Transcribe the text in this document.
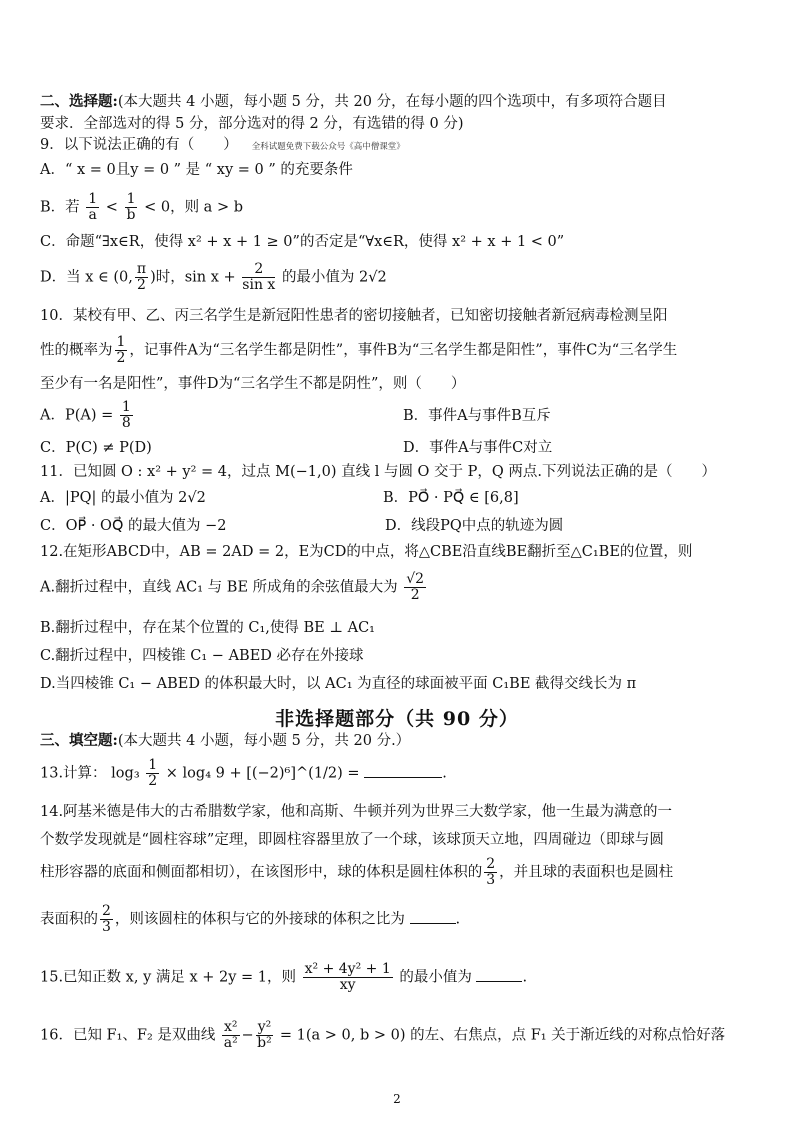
二、选择题:(本大题共 4 小题，每小题 5 分，共 20 分，在每小题的四个选项中，有多项符合题目
要求．全部选对的得 5 分，部分选对的得 2 分，有选错的得 0 分)
9．以下说法正确的有（　　） 全科试题免费下载公众号《高中僧课堂》
A．“ x = 0且y = 0 ” 是 “ xy = 0 ” 的充要条件
B．若 $\frac{1}{a} < \frac{1}{b} < 0$，则 a > b
C．命题“∃x∈R，使得 x² + x + 1 ≥ 0”的否定是“∀x∈R，使得 x² + x + 1 < 0”
D．当 x ∈ (0, $\frac{\pi}{2}$ )时，$\sin x + \frac{2}{\text{sin x}}$ 的最小值为 2√2
10．某校有甲、乙、丙三名学生是新冠阳性患者的密切接触者，已知密切接触者新冠病毒检测呈阳
性的概率为 $\frac{1}{2}$ ，记事件A为“三名学生都是阴性”，事件B为“三名学生都是阳性”，事件C为“三名学生
至少有一名是阳性”，事件D为“三名学生不都是阴性”，则（　　）
A．$P(A) = \frac{1}{8}$	B．事件A与事件B互斥
C．P(C) ≠ P(D)	D．事件A与事件C对立
11．已知圆 O : x² + y² = 4，过点 M(−1,0) 直线 l 与圆 O 交于 P，Q 两点.下列说法正确的是（　　）
A．|PQ| 的最小值为 2√2	B．PO⃗ · PQ⃗ ∈ [6,8]
C．OP⃗ · OQ⃗ 的最大值为 −2	D．线段PQ中点的轨迹为圆
12.在矩形ABCD中，AB = 2AD = 2，E为CD的中点，将△CBE沿直线BE翻折至△C₁BE的位置，则
A.翻折过程中，直线 AC₁ 与 BE 所成角的余弦值最大为 $\frac{√2}{2}$
B.翻折过程中，存在某个位置的 C₁,使得 BE ⊥ AC₁
C.翻折过程中，四棱锥 C₁ − ABED 必存在外接球
D.当四棱锥 C₁ − ABED 的体积最大时，以 AC₁ 为直径的球面被平面 C₁BE 截得交线长为 π
非选择题部分（共 90 分）
三、填空题:(本大题共 4 小题，每小题 5 分，共 20 分.）
13.计算： $\log_3 \frac{1}{2} \times \log_4$ 9 + [(−2)⁶]^(1/2) =	.
14.阿基米德是伟大的古希腊数学家，他和高斯、牛顿并列为世界三大数学家，他一生最为满意的一
个数学发现就是“圆柱容球”定理，即圆柱容器里放了一个球，该球顶天立地，四周碰边（即球与圆
柱形容器的底面和侧面都相切），在该图形中，球的体积是圆柱体积的 $\frac{2}{3}$ ，并且球的表面积也是圆柱
表面积的 $\frac{2}{3}$ ，则该圆柱的体积与它的外接球的体积之比为	.
15.已知正数 x, y 满足 x + 2y = 1，则 $\frac{\text{x² + 4y² + 1}}{xy}$ 的最小值为	.
16．已知 F₁、F₂ 是双曲线 $\frac{\text{x²}}{\text{a²}} - \frac{\text{y²}}{\text{b²}} = 1(a > 0$, b > 0) 的左、右焦点，点 F₁ 关于渐近线的对称点恰好落
2
